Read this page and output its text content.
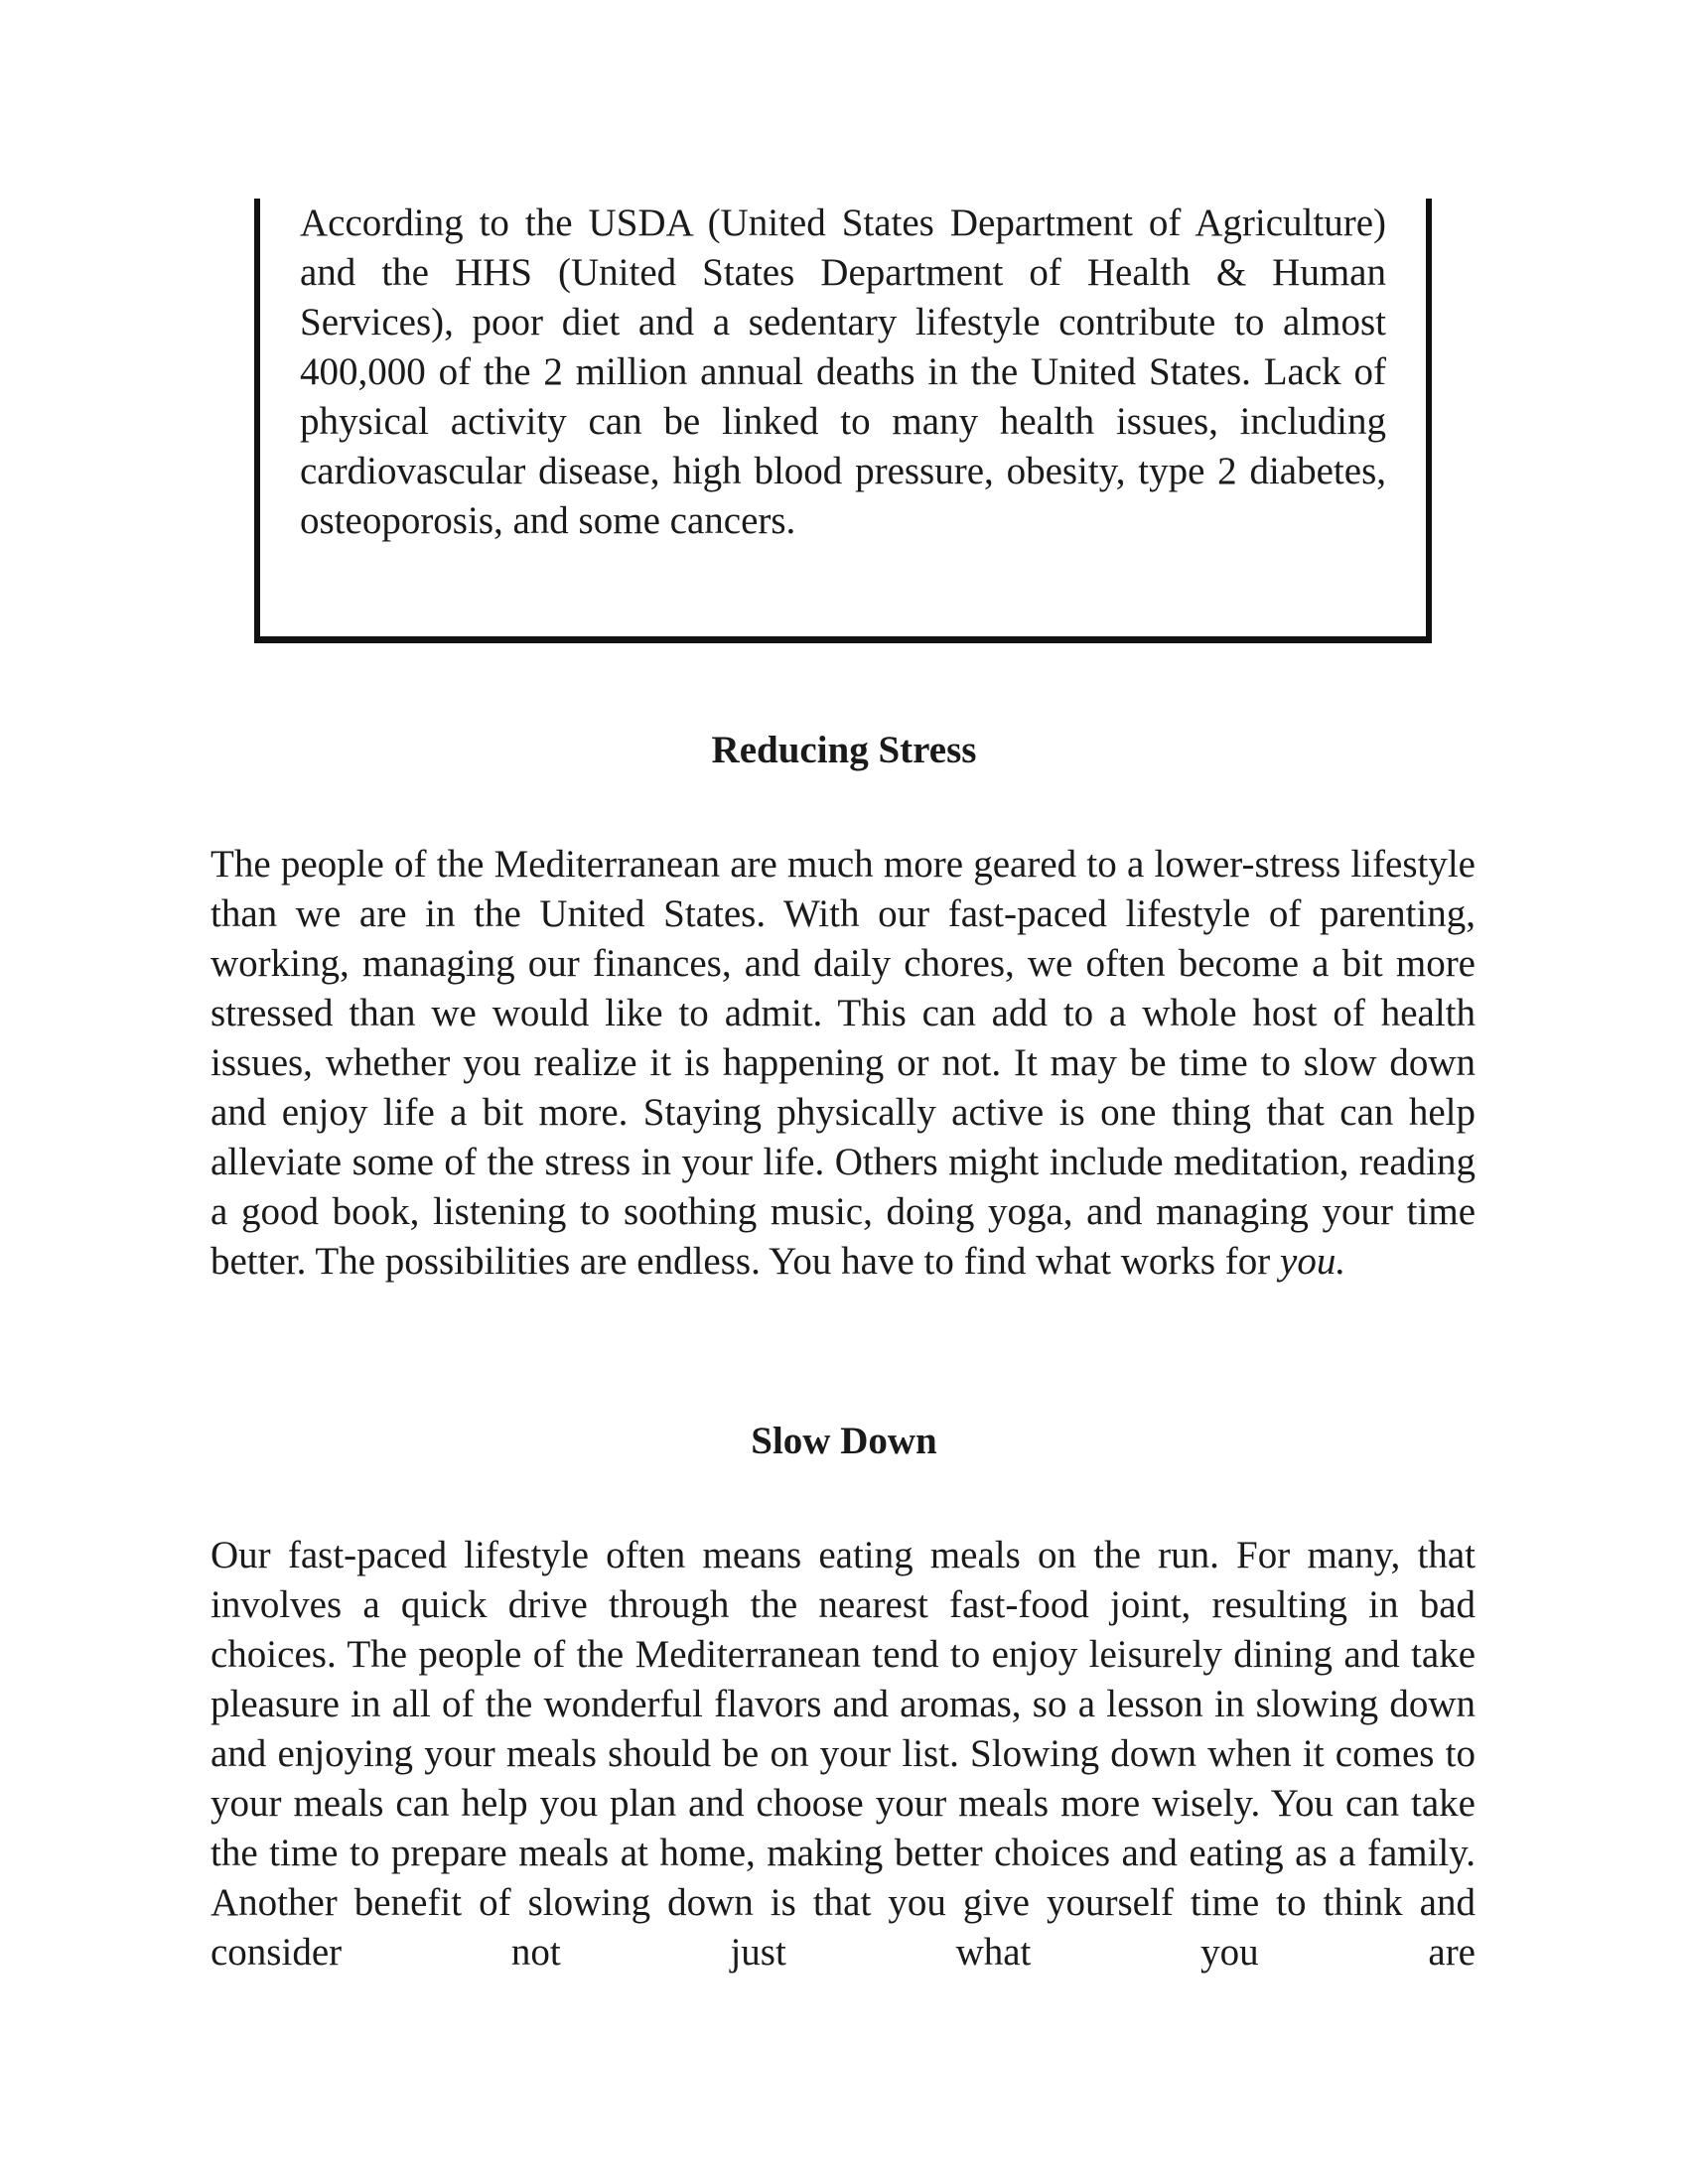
According to the USDA (United States Department of Agriculture) and the HHS (United States Department of Health & Human Services), poor diet and a sedentary lifestyle contribute to almost 400,000 of the 2 million annual deaths in the United States. Lack of physical activity can be linked to many health issues, including cardiovascular disease, high blood pressure, obesity, type 2 diabetes, osteoporosis, and some cancers.

Reducing Stress

The people of the Mediterranean are much more geared to a lower-stress lifestyle than we are in the United States. With our fast-paced lifestyle of parenting, working, managing our finances, and daily chores, we often become a bit more stressed than we would like to admit. This can add to a whole host of health issues, whether you realize it is happening or not. It may be time to slow down and enjoy life a bit more. Staying physically active is one thing that can help alleviate some of the stress in your life. Others might include meditation, reading a good book, listening to soothing music, doing yoga, and managing your time better. The possibilities are endless. You have to find what works for you.

Slow Down

Our fast-paced lifestyle often means eating meals on the run. For many, that involves a quick drive through the nearest fast-food joint, resulting in bad choices. The people of the Mediterranean tend to enjoy leisurely dining and take pleasure in all of the wonderful flavors and aromas, so a lesson in slowing down and enjoying your meals should be on your list. Slowing down when it comes to your meals can help you plan and choose your meals more wisely. You can take the time to prepare meals at home, making better choices and eating as a family. Another benefit of slowing down is that you give yourself time to think and consider not just what you are
